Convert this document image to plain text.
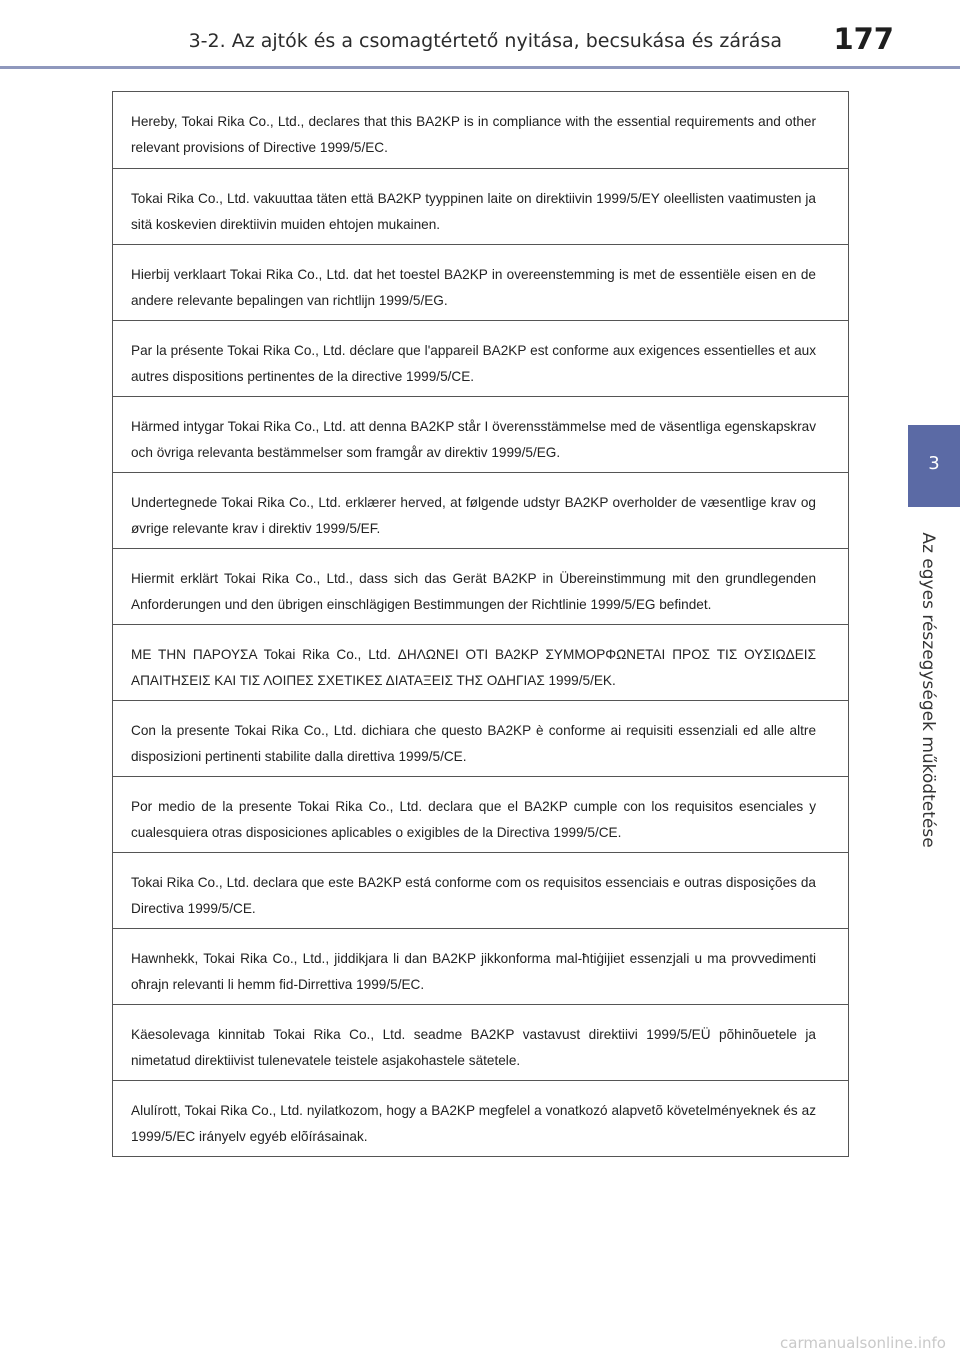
3-2. Az ajtók és a csomagtértető nyitása, becsukása és zárása 177
3
Az egyes részegységek működtetése

Hereby, Tokai Rika Co., Ltd., declares that this BA2KP is in compliance with the essential requirements and other relevant provisions of Directive 1999/5/EC.

Tokai Rika Co., Ltd. vakuuttaa täten että BA2KP tyyppinen laite on direktiivin 1999/5/EY oleellisten vaatimusten ja sitä koskevien direktiivin muiden ehtojen mukainen.

Hierbij verklaart Tokai Rika Co., Ltd. dat het toestel BA2KP in overeenstemming is met de essentiële eisen en de andere relevante bepalingen van richtlijn 1999/5/EG.

Par la présente Tokai Rika Co., Ltd. déclare que l'appareil BA2KP est conforme aux exigences essentielles et aux autres dispositions pertinentes de la directive 1999/5/CE.

Härmed intygar Tokai Rika Co., Ltd. att denna BA2KP står I överensstämmelse med de väsentliga egenskapskrav och övriga relevanta bestämmelser som framgår av direktiv 1999/5/EG.

Undertegnede Tokai Rika Co., Ltd. erklærer herved, at følgende udstyr BA2KP overholder de væsentlige krav og øvrige relevante krav i direktiv 1999/5/EF.

Hiermit erklärt Tokai Rika Co., Ltd., dass sich das Gerät BA2KP in Übereinstimmung mit den grundlegenden Anforderungen und den übrigen einschlägigen Bestimmungen der Richtlinie 1999/5/EG befindet.

ΜΕ ΤΗΝ ΠΑΡΟΥΣΑ Tokai Rika Co., Ltd. ΔΗΛΩΝΕΙ ΟΤΙ BA2KP ΣΥΜΜΟΡΦΩΝΕΤΑΙ ΠΡΟΣ ΤΙΣ ΟΥΣΙΩΔΕΙΣ ΑΠΑΙΤΗΣΕΙΣ ΚΑΙ ΤΙΣ ΛΟΙΠΕΣ ΣΧΕΤΙΚΕΣ ΔΙΑΤΑΞΕΙΣ ΤΗΣ ΟΔΗΓΙΑΣ 1999/5/ΕΚ.

Con la presente Tokai Rika Co., Ltd. dichiara che questo BA2KP è conforme ai requisiti essenziali ed alle altre disposizioni pertinenti stabilite dalla direttiva 1999/5/CE.

Por medio de la presente Tokai Rika Co., Ltd. declara que el BA2KP cumple con los requisitos esenciales y cualesquiera otras disposiciones aplicables o exigibles de la Directiva 1999/5/CE.

Tokai Rika Co., Ltd. declara que este BA2KP está conforme com os requisitos essenciais e outras disposições da Directiva 1999/5/CE.

Hawnhekk, Tokai Rika Co., Ltd., jiddikjara li dan BA2KP jikkonforma mal-ħtiġijiet essenzjali u ma provvedimenti oħrajn relevanti li hemm fid-Dirrettiva 1999/5/EC.

Käesolevaga kinnitab Tokai Rika Co., Ltd. seadme BA2KP vastavust direktiivi 1999/5/EÜ põhinõuetele ja nimetatud direktiivist tulenevatele teistele asjakohastele sätetele.

Alulírott, Tokai Rika Co., Ltd. nyilatkozom, hogy a BA2KP megfelel a vonatkozó alapvetõ követelményeknek és az 1999/5/EC irányelv egyéb elõírásainak.

carmanualsonline.info
